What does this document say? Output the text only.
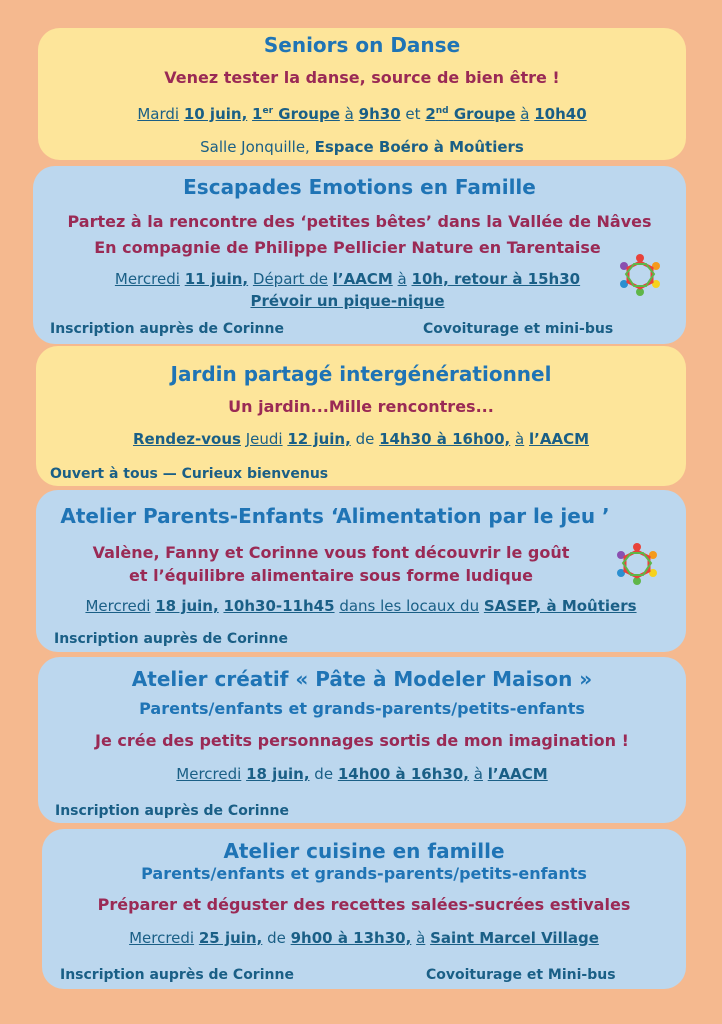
Seniors on Danse
Venez tester la danse, source de bien être !
Mardi 10 juin, 1er Groupe à 9h30 et 2nd Groupe à 10h40
Salle Jonquille, Espace Boéro à Moûtiers
Escapades Emotions en Famille
Partez à la rencontre des ‘petites bêtes’ dans la Vallée de Nâves
En compagnie de Philippe Pellicier Nature en Tarentaise
Mercredi 11 juin, Départ de l’AACM à 10h, retour à 15h30
Prévoir un pique-nique
Inscription auprès de Corinne	Covoiturage et mini-bus
Jardin partagé intergénérationnel
Un jardin...Mille rencontres...
Rendez-vous Jeudi 12 juin, de 14h30 à 16h00, à l’AACM
Ouvert à tous — Curieux bienvenus
Atelier Parents-Enfants ‘Alimentation par le jeu ’
Valène, Fanny et Corinne vous font découvrir le goût
et l’équilibre alimentaire sous forme ludique
Mercredi 18 juin, 10h30-11h45 dans les locaux du SASEP, à Moûtiers
Inscription auprès de Corinne
Atelier créatif « Pâte à Modeler Maison »
Parents/enfants et grands-parents/petits-enfants
Je crée des petits personnages sortis de mon imagination !
Mercredi 18 juin, de 14h00 à 16h30, à l’AACM
Inscription auprès de Corinne
Atelier cuisine en famille
Parents/enfants et grands-parents/petits-enfants
Préparer et déguster des recettes salées-sucrées estivales
Mercredi 25 juin, de 9h00 à 13h30, à Saint Marcel Village
Inscription auprès de Corinne	Covoiturage et Mini-bus
